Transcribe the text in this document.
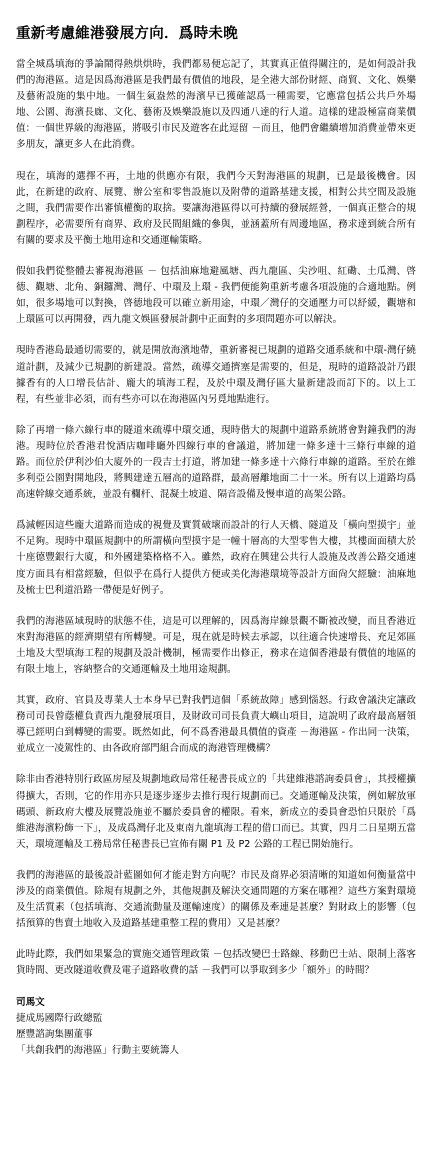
重新考慮維港發展方向．爲時未晚

當全城爲填海的爭論鬧得熱烘烘時，我們都易便忘記了，其實真正值得關注的，是如何設計我們的海港區。這是因爲海港區是我們最有價值的地段，是全港大部份財經、商貿、文化、娛樂及藝術設施的集中地。一個生氣盎然的海濱早已獲確認爲一種需要，它應當包括公共戶外場地、公園、海濱長廊、文化、藝術及娛樂設施以及四通八達的行人道。這樣的建設極富商業價值：一個世界級的海港區，將吸引市民及遊客在此逗留 －而且，他們會繼續增加消費並帶來更多朋友，讓更多人在此消費。

現在，填海的選擇不再，土地的供應亦有限，我們今天對海港區的規劃，已是最後機會。因此，在新建的政府、展覽、辦公室和零售設施以及附帶的道路基建支援，相對公共空間及設施之間，我們需要作出審慎權衡的取捨。要讓海港區得以可持續的發展經營，一個真正整合的規劃程序，必需要所有商界、政府及民間組織的參與，並涵蓋所有周邊地區，務求達到統合所有有關的要求及平衡土地用途和交通運輸策略。

假如我們從整體去審視海港區 － 包括油麻地避風塘、西九龍區、尖沙咀、紅磡、土瓜灣、啓德、觀塘、北角、銅鑼灣、灣仔、中環及上環 - 我們便能夠重新考慮各項設施的合適地點。例如，很多場地可以對換，啓德地段可以確立新用途，中環／灣仔的交通壓力可以紓緩，觀塘和上環區可以再開發，西九龍文娛區發展計劃中正面對的多項問題亦可以解決。

現時香港島最通切需要的，就是開放海濱地帶，重新審視已規劃的道路交通系統和中環-灣仔繞道計劃，及減少已規劃的新建設。當然，疏導交通擠塞是需要的，但是，現時的道路設計乃跟據香有的人口增長估計、龐大的填海工程，及於中環及灣仔區大量新建設而訂下的。以上工程，有些並非必須，而有些亦可以在海港區內另覓地點進行。

除了再增一條六線行車的隧道來疏導中環交通，現時偕大的規劃中道路系統將會對鐘我們的海港。現時位於香港君悅酒店咖啡廳外四線行車的會議道，將加建一條多達十三條行車線的道路。而位於伊利沙伯大廈外的一段吉士打道，將加建一條多達十六條行車線的道路。至於在維多利亞公園對開地段，將興建達五層高的道路群，最高層離地面二十一米。所有以上道路均爲高速幹線交通系統，並設有欄杆、混凝土坡道、隔音設備及慢車道的高架公路。

爲減輕因這些龐大道路而造成的視覺及實質破壞而設計的行人天橋、隧道及「橫向型摸宇」並不足夠。現時中環區規劃中的所謂橫向型摸宇是一幢十層高的大型零售大樓，其樓面面積大於十座德豐銀行大廈，和外國建築格格不入。雖然，政府在興建公共行人設施及改善公路交通速度方面具有相當經驗，但似乎在爲行人提供方便或美化海港環境等設計方面尙欠經驗：油麻地及梳士巴利道沿路一帶便是好例子。

我們的海港區域現時的狀態不佳，這是可以理解的，因爲海岸線景觀不斷被改變，而且香港近來對海港區的經濟期望有所轉變。可是，現在就是時候去承認，以往適合快速增長、充足郊區土地及大型填海工程的規劃及設計機制，極需要作出修正，務求在這個香港最有價值的地區的有限土地上，容納整合的交通運輸及土地用途規劃。

其實，政府、官員及專業人士本身早已對我們這個「系統故障」感到惱怒。行政會議決定讓政務司司長曾蔭權負責西九龍發展項目，及財政司司長負責大嶼山項目，這說明了政府最高層領導已經明白到轉變的需要。既然如此，何不爲香港最具價值的資產 －海港區 - 作出同一決策，並成立一凌駕性的、由各政府部門組合而成的海港管理機構？

除非由香港特別行政區房屋及規劃地政局常任秘書長成立的「共建維港諮詢委員會」，其授權擴得擴大，否則，它的作用亦只是逐步逐步去推行現行規劃而已。交通運輸及決策，例如解放軍碼頭、新政府大樓及展覽設施並不屬於委員會的權限。看來，新成立的委員會恐怕只限於「爲維港海濱粉飾一下」，及成爲灣仔北及東南九龍填海工程的借口而已。其實，四月二日星期五當天，環境運輸及工務局常任秘書長已宣佈有關 P1 及 P2 公路的工程已開始施行。

我們的海港區的最後設計藍圖如何才能走對方向呢？市民及商界必須清晰的知道如何衡量當中涉及的商業價值。除規有規劃之外，其他規劃及解決交通問題的方案在哪裡？這些方案對環境及生活質素（包括填海、交通流動量及運輸速度）的關係及牽連是甚麼？對財政上的影響（包括預算的售賣土地收入及道路基建重整工程的費用）又是甚麼？

此時此際，我們如果緊急的實施交通管理政策 －包括改變巴士路線、移動巴士站、限制上落客貨時間、更改隧道收費及電子道路收費的話 －我們可以爭取到多少「額外」的時間？

司馬文
捷成馬國際行政總監
歷豐諮詢集團董事
「共創我們的海港區」行動主要統籌人
